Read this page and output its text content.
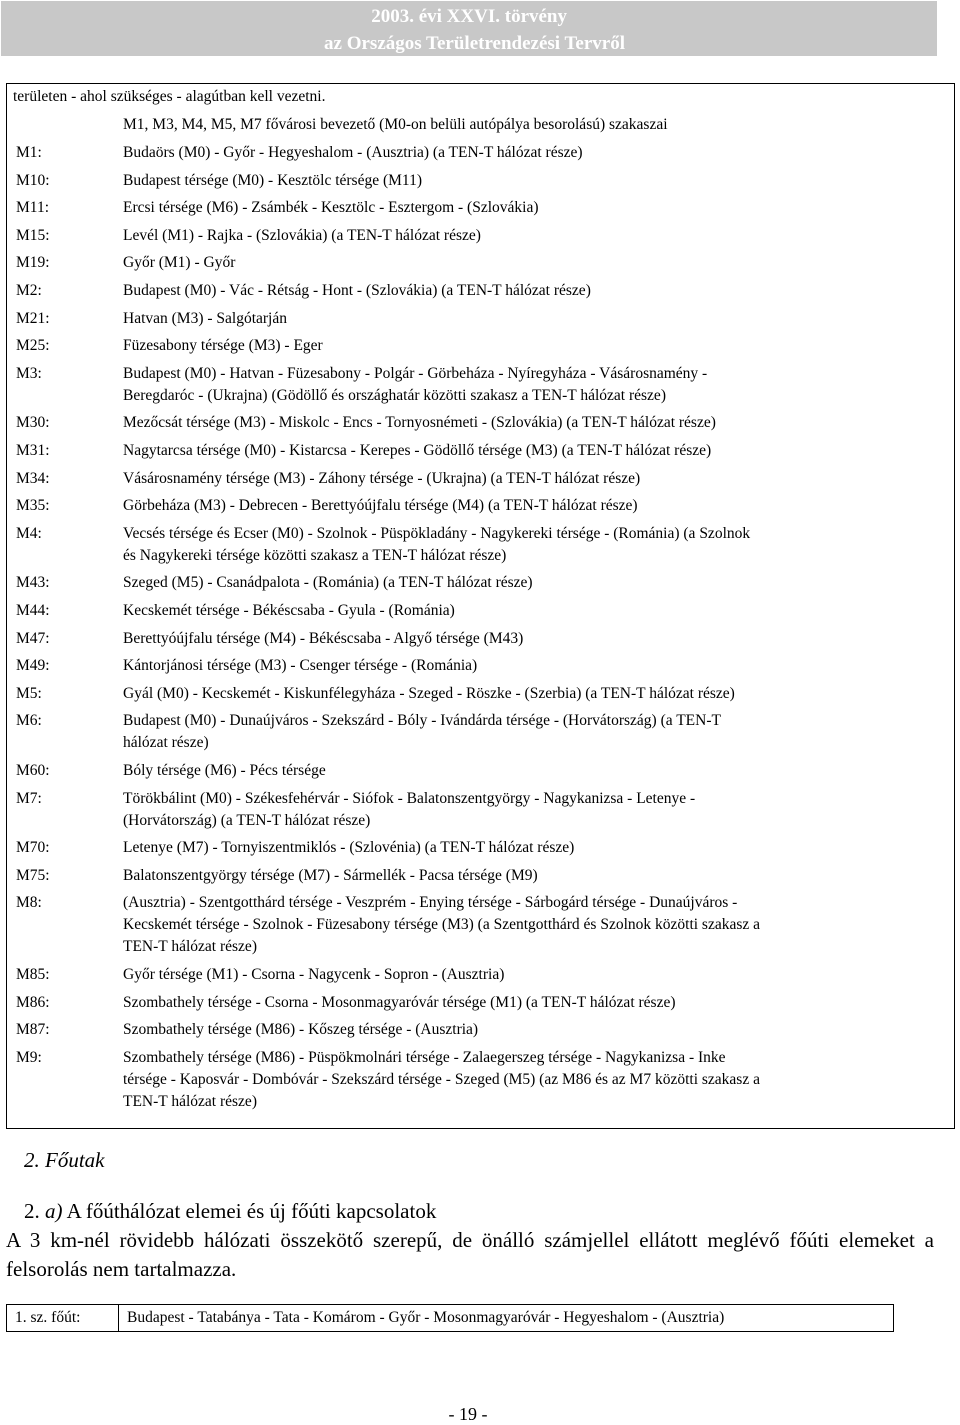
2003. évi XXVI. törvény
az Országos Területrendezési Tervről
területen - ahol szükséges - alagútban kell vezetni.
M1, M3, M4, M5, M7 fővárosi bevezető (M0-on belüli autópálya besorolású) szakaszai
M1:	Budaörs (M0) - Győr - Hegyeshalom - (Ausztria) (a TEN-T hálózat része)
M10:	Budapest térsége (M0) - Kesztölc térsége (M11)
M11:	Ercsi térsége (M6) - Zsámbék - Kesztölc - Esztergom - (Szlovákia)
M15:	Levél (M1) - Rajka - (Szlovákia) (a TEN-T hálózat része)
M19:	Győr (M1) - Győr
M2:	Budapest (M0) - Vác - Rétság - Hont - (Szlovákia) (a TEN-T hálózat része)
M21:	Hatvan (M3) - Salgótarján
M25:	Füzesabony térsége (M3) - Eger
M3:	Budapest (M0) - Hatvan - Füzesabony - Polgár - Görbeháza - Nyíregyháza - Vásárosnamény -
Beregdaróc - (Ukrajna) (Gödöllő és országhatár közötti szakasz a TEN-T hálózat része)
M30:	Mezőcsát térsége (M3) - Miskolc - Encs - Tornyosnémeti - (Szlovákia) (a TEN-T hálózat része)
M31:	Nagytarcsa térsége (M0) - Kistarcsa - Kerepes - Gödöllő térsége (M3) (a TEN-T hálózat része)
M34:	Vásárosnamény térsége (M3) - Záhony térsége - (Ukrajna) (a TEN-T hálózat része)
M35:	Görbeháza (M3) - Debrecen - Berettyóújfalu térsége (M4) (a TEN-T hálózat része)
M4:	Vecsés térsége és Ecser (M0) - Szolnok - Püspökladány - Nagykereki térsége - (Románia) (a Szolnok
és Nagykereki térsége közötti szakasz a TEN-T hálózat része)
M43:	Szeged (M5) - Csanádpalota - (Románia) (a TEN-T hálózat része)
M44:	Kecskemét térsége - Békéscsaba - Gyula - (Románia)
M47:	Berettyóújfalu térsége (M4) - Békéscsaba - Algyő térsége (M43)
M49:	Kántorjánosi térsége (M3) - Csenger térsége - (Románia)
M5:	Gyál (M0) - Kecskemét - Kiskunfélegyháza - Szeged - Röszke - (Szerbia) (a TEN-T hálózat része)
M6:	Budapest (M0) - Dunaújváros - Szekszárd - Bóly - Ivándárda térsége - (Horvátország) (a TEN-T
hálózat része)
M60:	Bóly térsége (M6) - Pécs térsége
M7:	Törökbálint (M0) - Székesfehérvár - Siófok - Balatonszentgyörgy - Nagykanizsa - Letenye -
(Horvátország) (a TEN-T hálózat része)
M70:	Letenye (M7) - Tornyiszentmiklós - (Szlovénia) (a TEN-T hálózat része)
M75:	Balatonszentgyörgy térsége (M7) - Sármellék - Pacsa térsége (M9)
M8:	(Ausztria) - Szentgotthárd térsége - Veszprém - Enying térsége - Sárbogárd térsége - Dunaújváros -
Kecskemét térsége - Szolnok - Füzesabony térsége (M3) (a Szentgotthárd és Szolnok közötti szakasz a
TEN-T hálózat része)
M85:	Győr térsége (M1) - Csorna - Nagycenk - Sopron - (Ausztria)
M86:	Szombathely térsége - Csorna - Mosonmagyaróvár térsége (M1) (a TEN-T hálózat része)
M87:	Szombathely térsége (M86) - Kőszeg térsége - (Ausztria)
M9:	Szombathely térsége (M86) - Püspökmolnári térsége - Zalaegerszeg térsége - Nagykanizsa - Inke
térsége - Kaposvár - Dombóvár - Szekszárd térsége - Szeged (M5) (az M86 és az M7 közötti szakasz a
TEN-T hálózat része)
2. Főutak
2. a) A főúthálózat elemei és új főúti kapcsolatok
A 3 km-nél rövidebb hálózati összekötő szerepű, de önálló számjellel ellátott meglévő főúti elemeket a felsorolás nem tartalmazza.
1. sz. főút:	Budapest - Tatabánya - Tata - Komárom - Győr - Mosonmagyaróvár - Hegyeshalom - (Ausztria)
- 19 -
